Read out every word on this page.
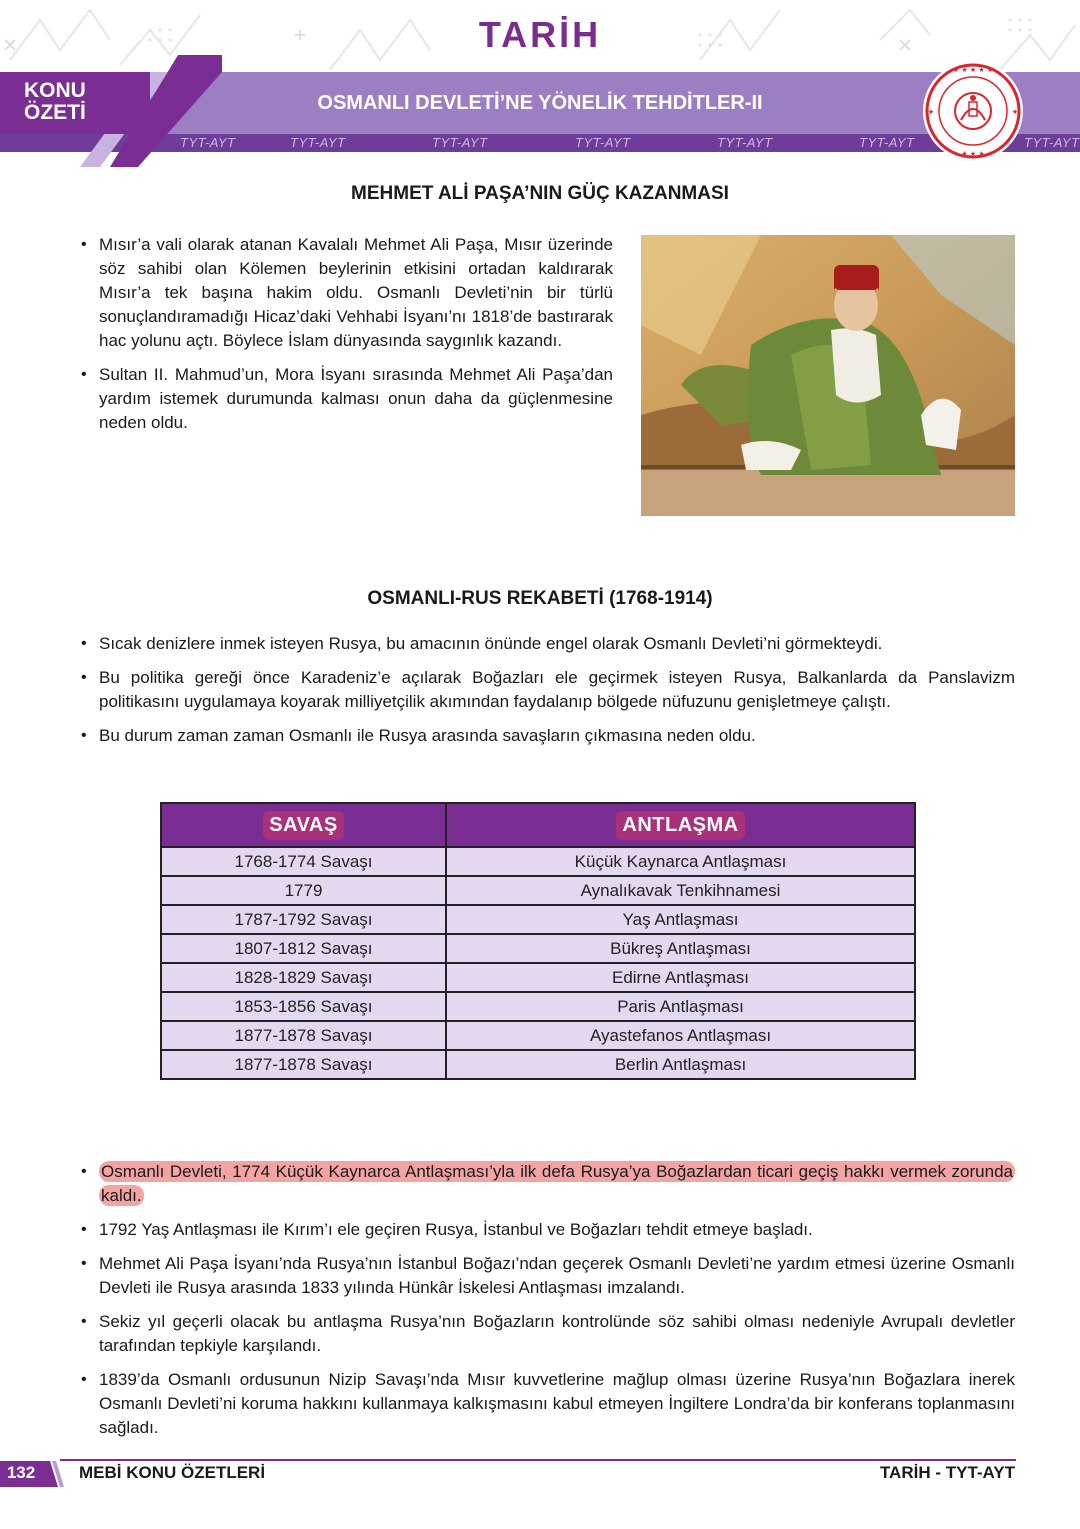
TARİH
KONU
ÖZETİ	OSMANLI DEVLETİ’NE YÖNELİK TEHDİTLER-II
TYT-AYT	TYT-AYT	TYT-AYT	TYT-AYT	TYT-AYT	TYT-AYT	TYT-AYT
★ ★ ★ ★ ★
★ ★ ★ ★ ★
★	★
MEHMET ALİ PAŞA’NIN GÜÇ KAZANMASI
• Mısır’a vali olarak atanan Kavalalı Mehmet Ali Paşa, Mısır üzerinde söz sahibi olan Kölemen beylerinin etkisini ortadan kaldırarak Mısır’a tek başına hakim oldu. Osmanlı Devleti’nin bir türlü sonuçlandıramadığı Hicaz’daki Vehhabi İsyanı’nı 1818’de bastırarak hac yolunu açtı. Böylece İslam dünyasında saygınlık kazandı.
• Sultan II. Mahmud’un, Mora İsyanı sırasında Mehmet Ali Paşa’dan yardım istemek durumunda kalması onun daha da güçlenmesine neden oldu.
OSMANLI-RUS REKABETİ (1768-1914)
• Sıcak denizlere inmek isteyen Rusya, bu amacının önünde engel olarak Osmanlı Devleti’ni görmekteydi.
• Bu politika gereği önce Karadeniz’e açılarak Boğazları ele geçirmek isteyen Rusya, Balkanlarda da Panslavizm politikasını uygulamaya koyarak milliyetçilik akımından faydalanıp bölgede nüfuzunu genişletmeye çalıştı.
• Bu durum zaman zaman Osmanlı ile Rusya arasında savaşların çıkmasına neden oldu.
SAVAŞ	ANTLAŞMA
1768-1774 Savaşı	Küçük Kaynarca Antlaşması
1779	Aynalıkavak Tenkihnamesi
1787-1792 Savaşı	Yaş Antlaşması
1807-1812 Savaşı	Bükreş Antlaşması
1828-1829 Savaşı	Edirne Antlaşması
1853-1856 Savaşı	Paris Antlaşması
1877-1878 Savaşı	Ayastefanos Antlaşması
1877-1878 Savaşı	Berlin Antlaşması
• Osmanlı Devleti, 1774 Küçük Kaynarca Antlaşması’yla ilk defa Rusya’ya Boğazlardan ticari geçiş hakkı vermek zorunda kaldı.
• 1792 Yaş Antlaşması ile Kırım’ı ele geçiren Rusya, İstanbul ve Boğazları tehdit etmeye başladı.
• Mehmet Ali Paşa İsyanı’nda Rusya’nın İstanbul Boğazı’ndan geçerek Osmanlı Devleti’ne yardım etmesi üzerine Osmanlı Devleti ile Rusya arasında 1833 yılında Hünkâr İskelesi Antlaşması imzalandı.
• Sekiz yıl geçerli olacak bu antlaşma Rusya’nın Boğazların kontrolünde söz sahibi olması nedeniyle Avrupalı devletler tarafından tepkiyle karşılandı.
• 1839’da Osmanlı ordusunun Nizip Savaşı’nda Mısır kuvvetlerine mağlup olması üzerine Rusya’nın Boğazlara inerek Osmanlı Devleti’ni koruma hakkını kullanmaya kalkışmasını kabul etmeyen İngiltere Londra’da bir konferans toplanmasını sağladı.
132	MEBİ KONU ÖZETLERİ	TARİH - TYT-AYT
